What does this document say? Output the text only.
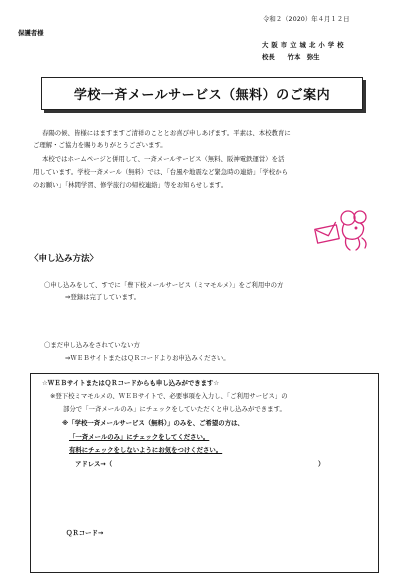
令和２（2020）年４月１２日
保護者様
大阪市立城北小学校
校長　　竹本　弥生
学校一斉メールサービス（無料）のご案内
春陽の候、皆様にはますますご清祥のこととお喜び申しあげます。平素は、本校教育に
ご理解・ご協力を賜りありがとうございます。
本校ではホームページと併用して、一斉メールサービス（無料、阪神電鉄運営）を活
用しています。学校一斉メール（無料）では、「台風や地震など緊急時の連絡」「学校から
のお願い」「林間学習、修学旅行の帰校連絡」等をお知らせします。
〈申し込み方法〉
〇申し込みをして、すでに「豊下校メールサービス（ミマモルメ）」をご利用中の方
⇒登録は完了しています。
〇まだ申し込みをされていない方
⇒ＷＥＢサイトまたはＱＲコードよりお申込みください。
☆ＷＥＢサイトまたはＱＲコードからも申し込みができます☆
※登下校ミマモルメの、ＷＥＢサイトで、必要事項を入力し、「ご利用サービス」の
部分で「一斉メールのみ」にチェックをしていただくと申し込みができます。
※「学校一斉メールサービス（無料）」のみを、ご希望の方は、
「一斉メールのみ」にチェックをしてください。
有料にチェックをしないようにお気をつけください。
アドレス→（	）
ＱＲコード→
